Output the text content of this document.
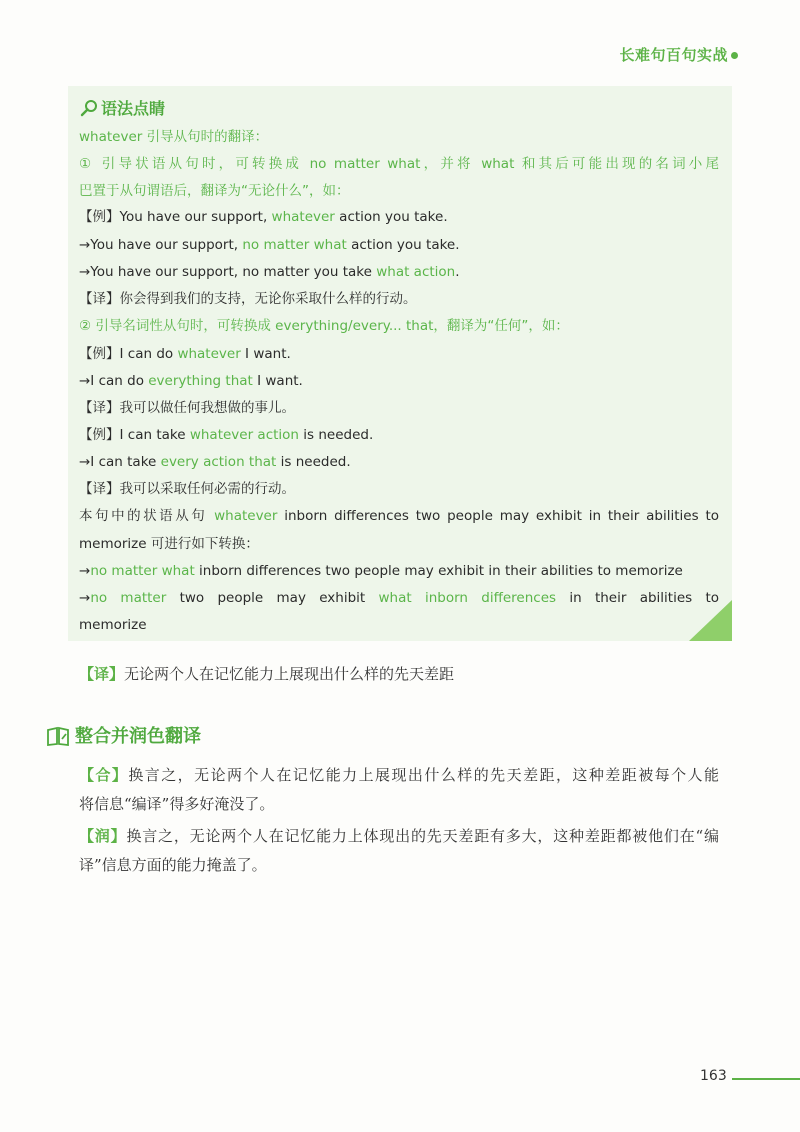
长难句百句实战
语法点睛
whatever 引导从句时的翻译：
① 引导状语从句时，可转换成 no matter what，并将 what 和其后可能出现的名词小尾
巴置于从句谓语后，翻译为“无论什么”，如：
【例】You have our support, whatever action you take.
→You have our support, no matter what action you take.
→You have our support, no matter you take what action.
【译】你会得到我们的支持，无论你采取什么样的行动。
② 引导名词性从句时，可转换成 everything/every... that，翻译为“任何”，如：
【例】I can do whatever I want.
→I can do everything that I want.
【译】我可以做任何我想做的事儿。
【例】I can take whatever action is needed.
→I can take every action that is needed.
【译】我可以采取任何必需的行动。
本句中的状语从句 whatever inborn differences two people may exhibit in their abilities to
memorize 可进行如下转换：
→no matter what inborn differences two people may exhibit in their abilities to memorize
→no matter two people may exhibit what inborn differences in their abilities to
memorize
【译】无论两个人在记忆能力上展现出什么样的先天差距
整合并润色翻译
【合】换言之，无论两个人在记忆能力上展现出什么样的先天差距，这种差距被每个人能
将信息“编译”得多好淹没了。
【润】换言之，无论两个人在记忆能力上体现出的先天差距有多大，这种差距都被他们在“编
译”信息方面的能力掩盖了。
163
